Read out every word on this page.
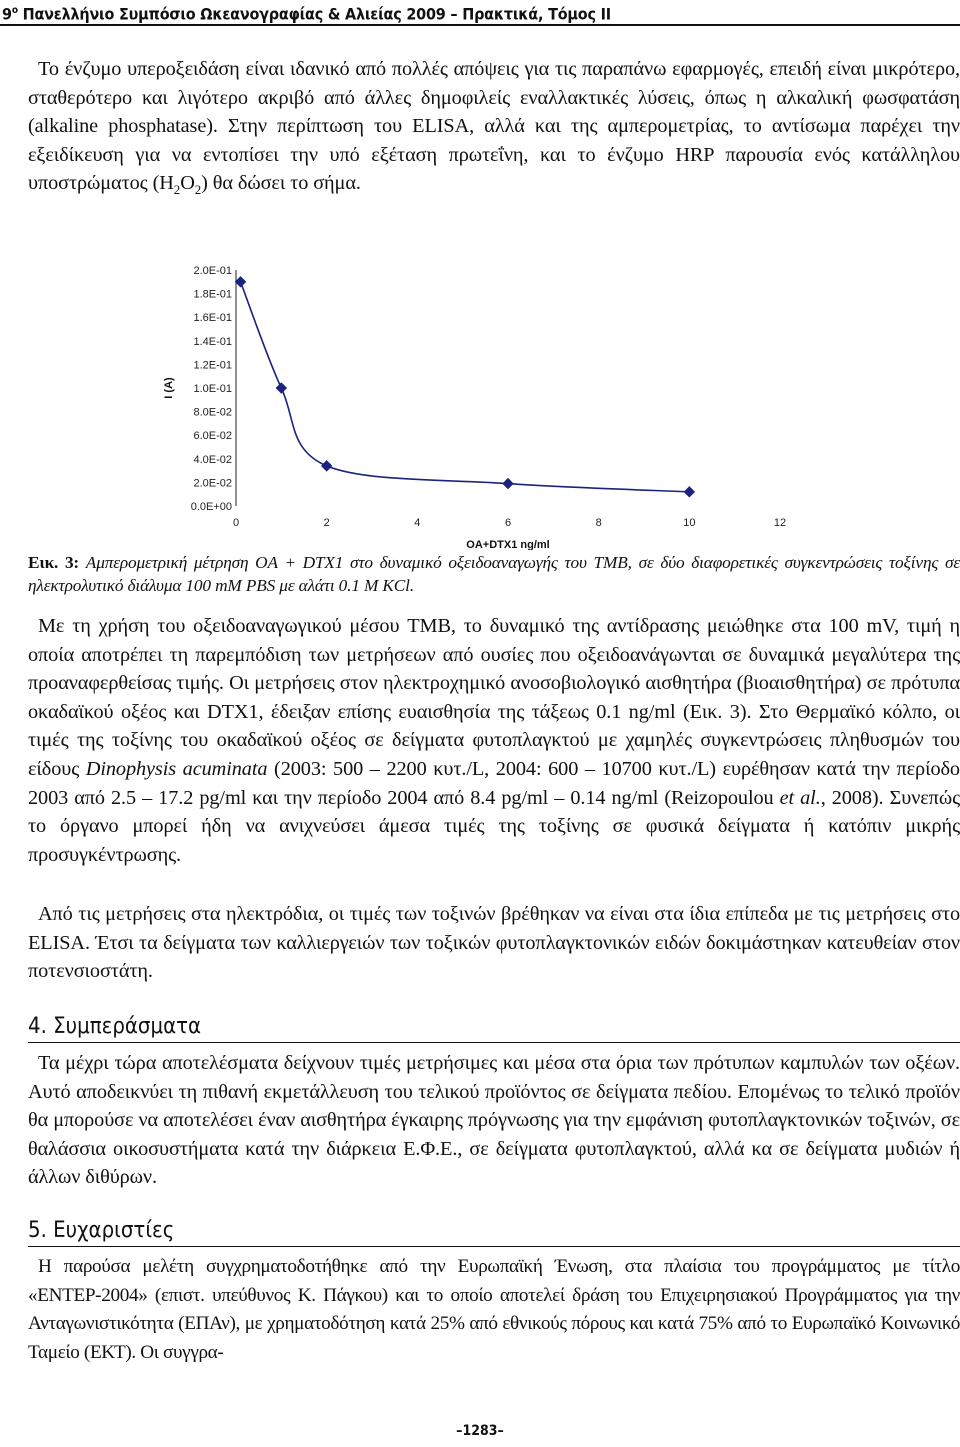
$9^o$ Πανελλήνιο Συμπόσιο Ωκεανογραφίας & Αλιείας 2009 – Πρακτικά, Τόμος ΙΙ

Το ένζυμο υπεροξειδάση είναι ιδανικό από πολλές απόψεις για τις παραπάνω εφαρμογές, επειδή είναι μικρότερο, σταθερότερο και λιγότερο ακριβό από άλλες δημοφιλείς εναλλακτικές λύσεις, όπως η αλκαλική φωσφατάση (alkaline phosphatase). Στην περίπτωση του ELISA, αλλά και της αμπερομετρίας, το αντίσωμα παρέχει την εξειδίκευση για να εντοπίσει την υπό εξέταση πρωτεΐνη, και το ένζυμο HRP παρουσία ενός κατάλληλου υποστρώματος $(H_2O_2)$ θα δώσει το σήμα.

0.0E+00
2.0E-02
4.0E-02
6.0E-02
8.0E-02
1.0E-01
1.2E-01
1.4E-01
1.6E-01
1.8E-01
2.0E-01
0	2	4	6	8	10	12
I (A)
OA+DTX1 ng/ml

Εικ. 3: Αμπερομετρική μέτρηση OA + DTX1 στο δυναμικό οξειδοαναγωγής του ΤΜΒ, σε δύο διαφορετικές συγκεντρώσεις τοξίνης σε ηλεκτρολυτικό διάλυμα 100 mM PBS με αλάτι 0.1 M KCl.

Με τη χρήση του οξειδοαναγωγικού μέσου TMB, το δυναμικό της αντίδρασης μειώθηκε στα 100 mV, τιμή η οποία αποτρέπει τη παρεμπόδιση των μετρήσεων από ουσίες που οξειδοανάγωνται σε δυναμικά μεγαλύτερα της προαναφερθείσας τιμής. Οι μετρήσεις στον ηλεκτροχημικό ανοσοβιολογικό αισθητήρα (βιοαισθητήρα) σε πρότυπα οκαδαϊκού οξέος και DTX1, έδειξαν επίσης ευαισθησία της τάξεως 0.1 ng/ml (Εικ. 3). Στο Θερμαϊκό κόλπο, οι τιμές της τοξίνης του οκαδαϊκού οξέος σε δείγματα φυτοπλαγκτού με χαμηλές συγκεντρώσεις πληθυσμών του είδους Dinophysis acuminata (2003: 500 – 2200 κυτ./L, 2004: 600 – 10700 κυτ./L) ευρέθησαν κατά την περίοδο 2003 από 2.5 – 17.2 pg/ml και την περίοδο 2004 από 8.4 pg/ml – 0.14 ng/ml (Reizopoulou et al., 2008). Συνεπώς το όργανο μπορεί ήδη να ανιχνεύσει άμεσα τιμές της τοξίνης σε φυσικά δείγματα ή κατόπιν μικρής προσυγκέντρωσης.

Από τις μετρήσεις στα ηλεκτρόδια, οι τιμές των τοξινών βρέθηκαν να είναι στα ίδια επίπεδα με τις μετρήσεις στο ELISA. Έτσι τα δείγματα των καλλιεργειών των τοξικών φυτοπλαγκτονικών ειδών δοκιμάστηκαν κατευθείαν στον ποτενσιοστάτη.

4. Συμπεράσματα

Τα μέχρι τώρα αποτελέσματα δείχνουν τιμές μετρήσιμες και μέσα στα όρια των πρότυπων καμπυλών των οξέων. Αυτό αποδεικνύει τη πιθανή εκμετάλλευση του τελικού προϊόντος σε δείγματα πεδίου. Επομένως το τελικό προϊόν θα μπορούσε να αποτελέσει έναν αισθητήρα έγκαιρης πρόγνωσης για την εμφάνιση φυτοπλαγκτονικών τοξινών, σε θαλάσσια οικοσυστήματα κατά την διάρκεια Ε.Φ.Ε., σε δείγματα φυτοπλαγκτού, αλλά κα σε δείγματα μυδιών ή άλλων διθύρων.

5. Ευχαριστίες

Η παρούσα μελέτη συγχρηματοδοτήθηκε από την Ευρωπαϊκή Ένωση, στα πλαίσια του προγράμματος με τίτλο «ΕΝΤΕΡ-2004» (επιστ. υπεύθυνος Κ. Πάγκου) και το οποίο αποτελεί δράση του Επιχειρησιακού Προγράμματος για την Ανταγωνιστικότητα (ΕΠΑν), με χρηματοδότηση κατά 25% από εθνικούς πόρους και κατά 75% από το Ευρωπαϊκό Κοινωνικό Ταμείο (ΕΚΤ). Οι συγγρα-

–1283–
